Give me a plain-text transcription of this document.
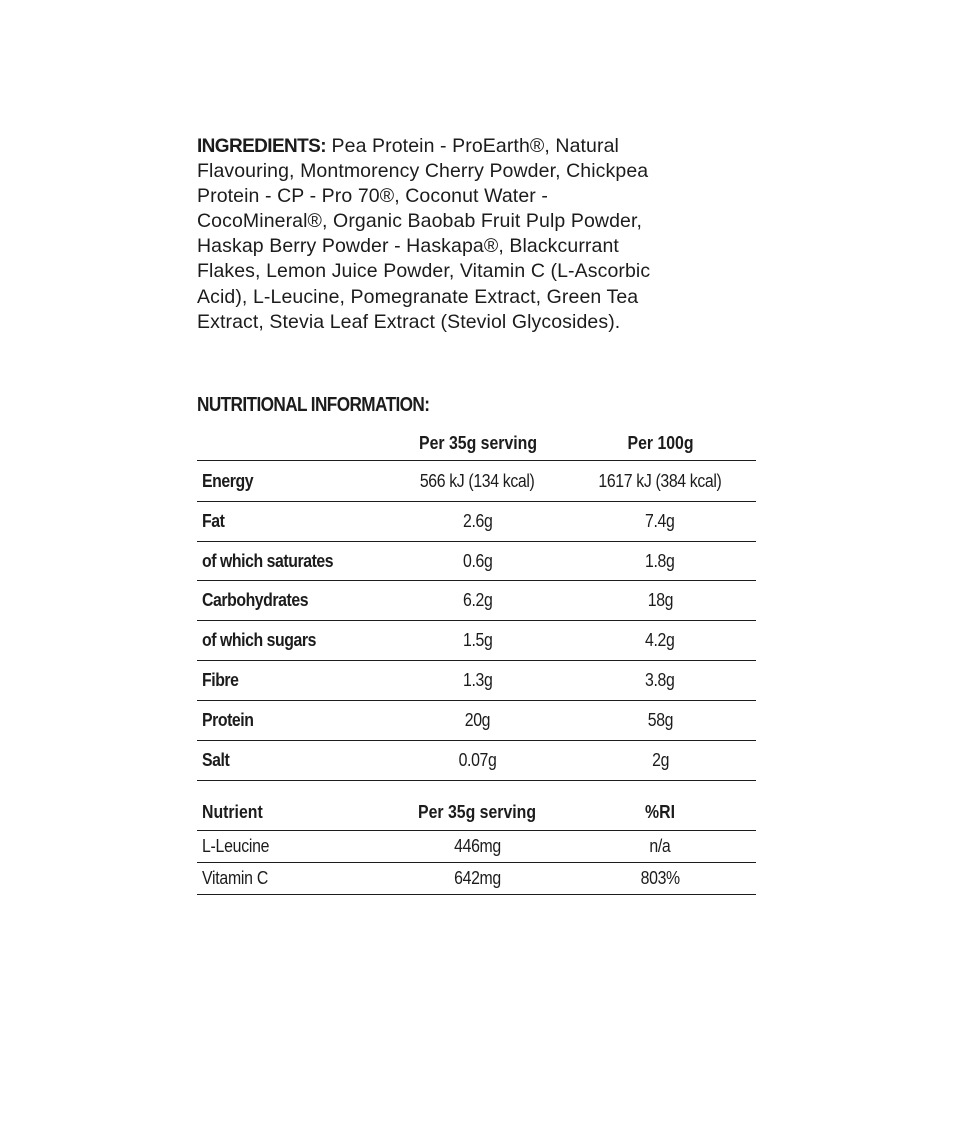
INGREDIENTS: Pea Protein - ProEarth®, Natural Flavouring, Montmorency Cherry Powder, Chickpea Protein - CP - Pro 70®, Coconut Water - CocoMineral®, Organic Baobab Fruit Pulp Powder, Haskap Berry Powder - Haskapa®, Blackcurrant Flakes, Lemon Juice Powder, Vitamin C (L-Ascorbic Acid), L-Leucine, Pomegranate Extract, Green Tea Extract, Stevia Leaf Extract (Steviol Glycosides).
NUTRITIONAL INFORMATION:
	Per 35g serving	Per 100g
Energy	566 kJ (134 kcal)	1617 kJ (384 kcal)
Fat	2.6g	7.4g
of which saturates	0.6g	1.8g
Carbohydrates	6.2g	18g
of which sugars	1.5g	4.2g
Fibre	1.3g	3.8g
Protein	20g	58g
Salt	0.07g	2g
Nutrient	Per 35g serving	%RI
L-Leucine	446mg	n/a
Vitamin C	642mg	803%
